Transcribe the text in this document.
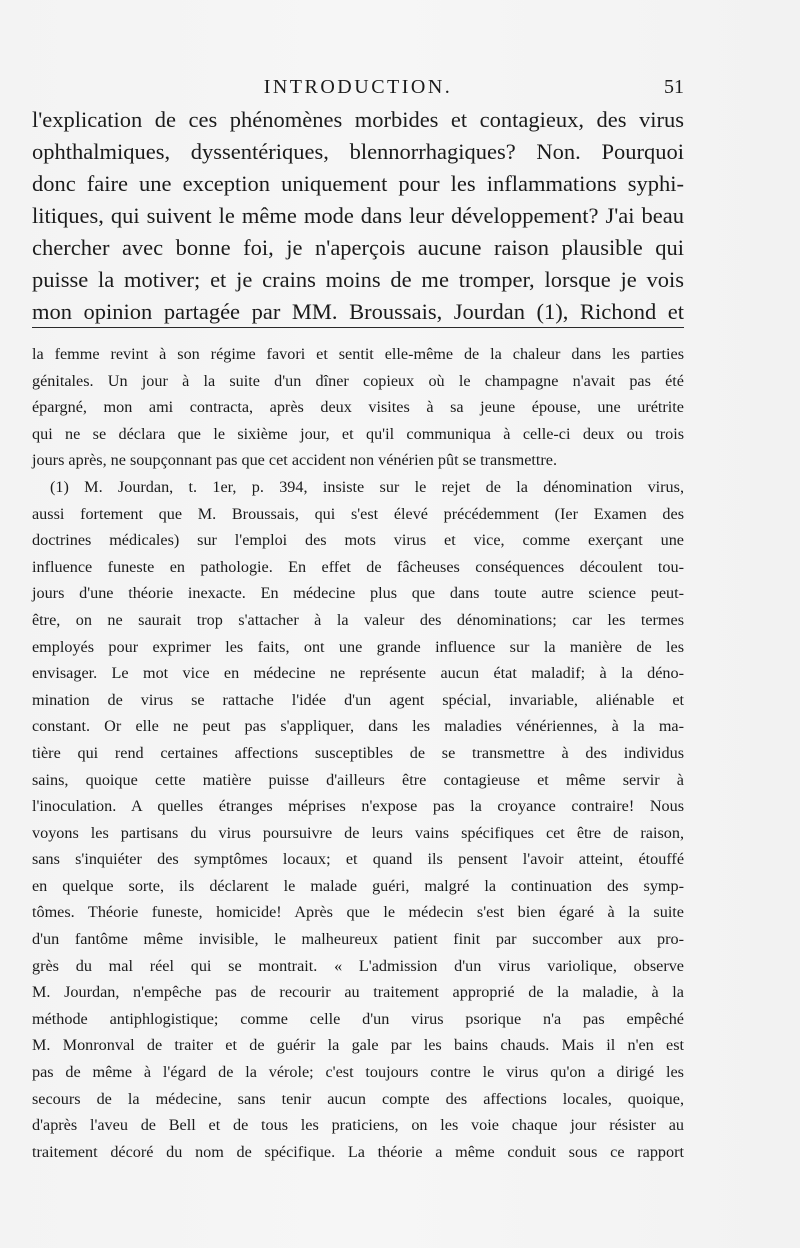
INTRODUCTION.	51
l'explication de ces phénomènes morbides et contagieux, des virus
ophthalmiques, dyssentériques, blennorrhagiques? Non. Pourquoi
donc faire une exception uniquement pour les inflammations syphi-
litiques, qui suivent le même mode dans leur développement? J'ai beau
chercher avec bonne foi, je n'aperçois aucune raison plausible qui
puisse la motiver; et je crains moins de me tromper, lorsque je vois
mon opinion partagée par MM. Broussais, Jourdan (1), Richond et
la femme revint à son régime favori et sentit elle-même de la chaleur dans les parties
génitales. Un jour à la suite d'un dîner copieux où le champagne n'avait pas été
épargné, mon ami contracta, après deux visites à sa jeune épouse, une urétrite
qui ne se déclara que le sixième jour, et qu'il communiqua à celle-ci deux ou trois
jours après, ne soupçonnant pas que cet accident non vénérien pût se transmettre.
(1) M. Jourdan, t. 1er, p. 394, insiste sur le rejet de la dénomination virus,
aussi fortement que M. Broussais, qui s'est élevé précédemment (Ier Examen des
doctrines médicales) sur l'emploi des mots virus et vice, comme exerçant une
influence funeste en pathologie. En effet de fâcheuses conséquences découlent tou-
jours d'une théorie inexacte. En médecine plus que dans toute autre science peut-
être, on ne saurait trop s'attacher à la valeur des dénominations; car les termes
employés pour exprimer les faits, ont une grande influence sur la manière de les
envisager. Le mot vice en médecine ne représente aucun état maladif; à la déno-
mination de virus se rattache l'idée d'un agent spécial, invariable, aliénable et
constant. Or elle ne peut pas s'appliquer, dans les maladies vénériennes, à la ma-
tière qui rend certaines affections susceptibles de se transmettre à des individus
sains, quoique cette matière puisse d'ailleurs être contagieuse et même servir à
l'inoculation. A quelles étranges méprises n'expose pas la croyance contraire! Nous
voyons les partisans du virus poursuivre de leurs vains spécifiques cet être de raison,
sans s'inquiéter des symptômes locaux; et quand ils pensent l'avoir atteint, étouffé
en quelque sorte, ils déclarent le malade guéri, malgré la continuation des symp-
tômes. Théorie funeste, homicide! Après que le médecin s'est bien égaré à la suite
d'un fantôme même invisible, le malheureux patient finit par succomber aux pro-
grès du mal réel qui se montrait. « L'admission d'un virus variolique, observe
M. Jourdan, n'empêche pas de recourir au traitement approprié de la maladie, à la
méthode antiphlogistique; comme celle d'un virus psorique n'a pas empêché
M. Monronval de traiter et de guérir la gale par les bains chauds. Mais il n'en est
pas de même à l'égard de la vérole; c'est toujours contre le virus qu'on a dirigé les
secours de la médecine, sans tenir aucun compte des affections locales, quoique,
d'après l'aveu de Bell et de tous les praticiens, on les voie chaque jour résister au
traitement décoré du nom de spécifique. La théorie a même conduit sous ce rapport
